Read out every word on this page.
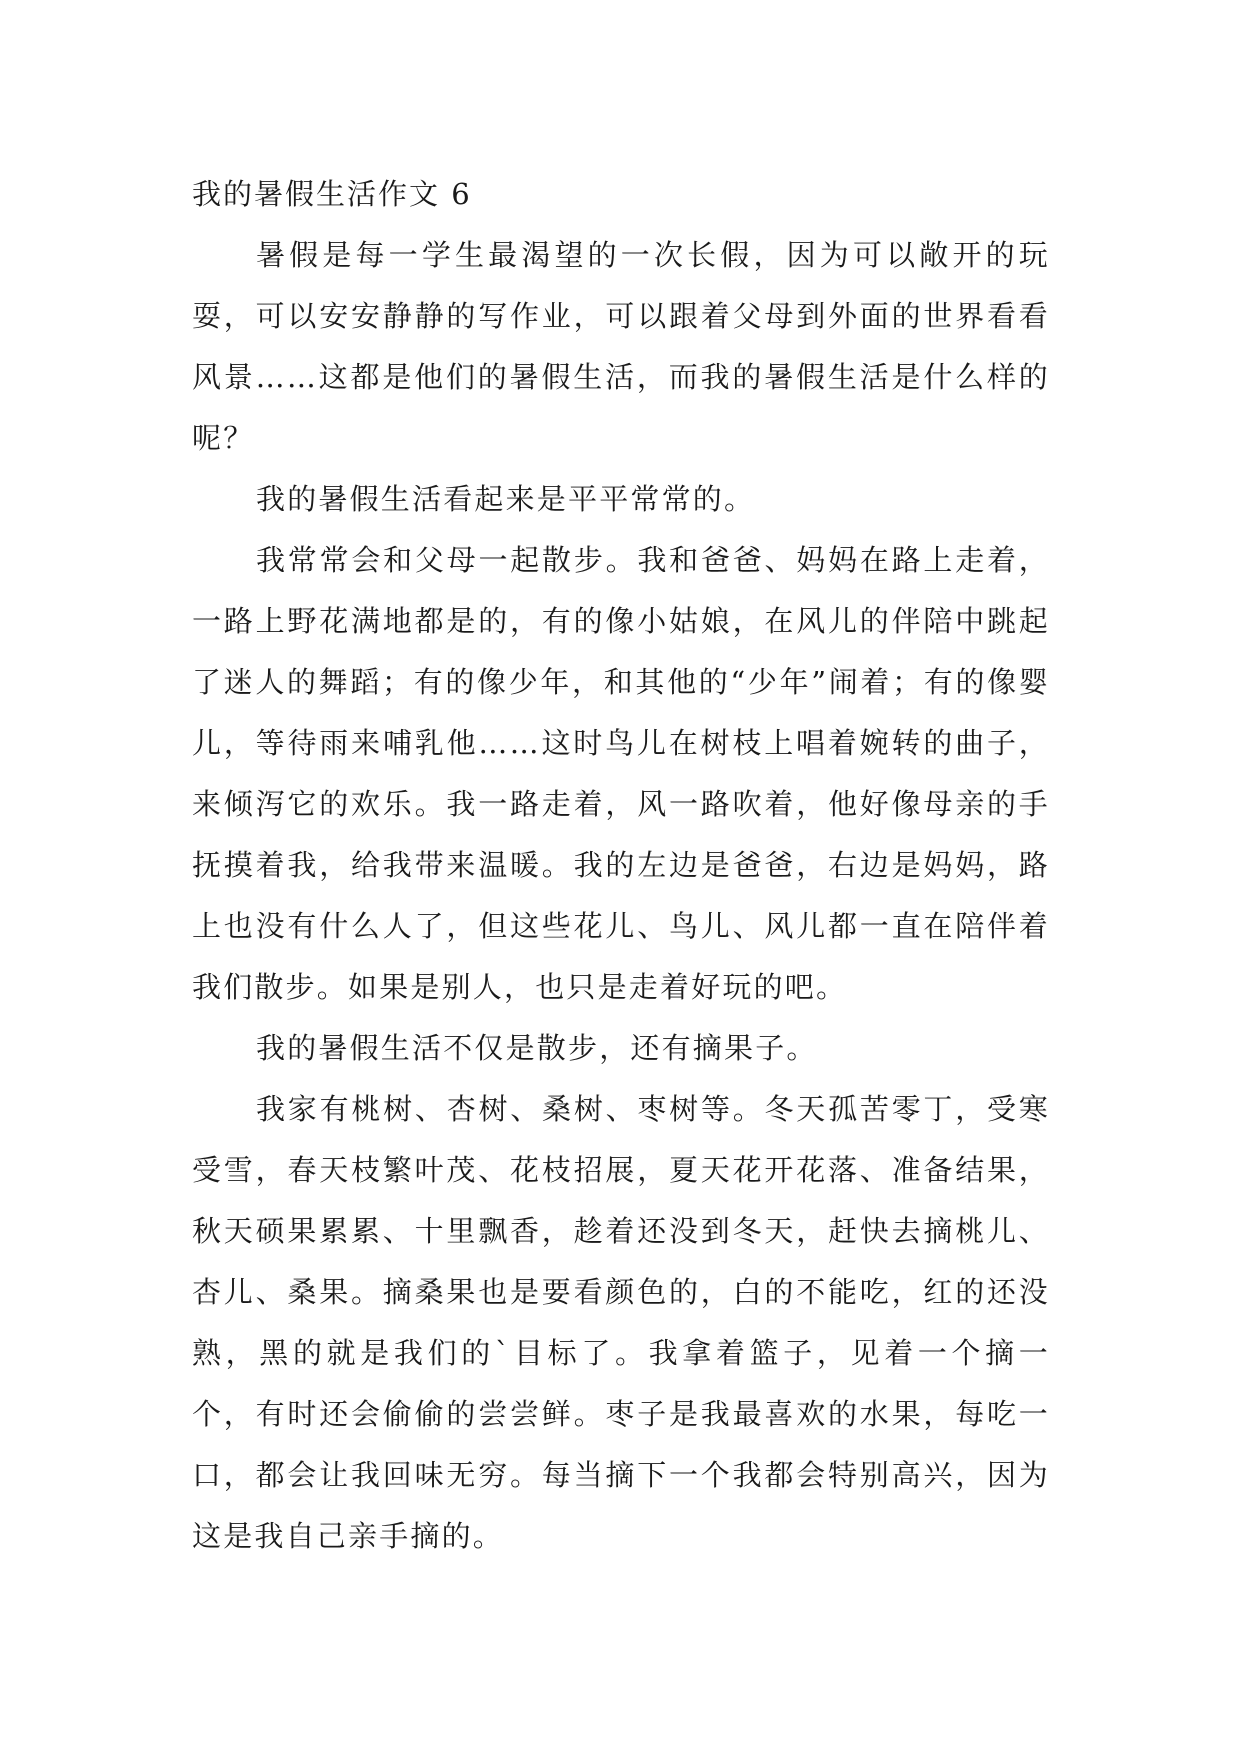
我的暑假生活作文 6

暑假是每一学生最渴望的一次长假，因为可以敞开的玩耍，可以安安静静的写作业，可以跟着父母到外面的世界看看风景……这都是他们的暑假生活，而我的暑假生活是什么样的呢？

我的暑假生活看起来是平平常常的。

我常常会和父母一起散步。我和爸爸、妈妈在路上走着，一路上野花满地都是的，有的像小姑娘，在风儿的伴陪中跳起了迷人的舞蹈；有的像少年，和其他的“少年”闹着；有的像婴儿，等待雨来哺乳他……这时鸟儿在树枝上唱着婉转的曲子，来倾泻它的欢乐。我一路走着，风一路吹着，他好像母亲的手抚摸着我，给我带来温暖。我的左边是爸爸，右边是妈妈，路上也没有什么人了，但这些花儿、鸟儿、风儿都一直在陪伴着我们散步。如果是别人，也只是走着好玩的吧。

我的暑假生活不仅是散步，还有摘果子。

我家有桃树、杏树、桑树、枣树等。冬天孤苦零丁，受寒受雪，春天枝繁叶茂、花枝招展，夏天花开花落、准备结果，秋天硕果累累、十里飘香，趁着还没到冬天，赶快去摘桃儿、杏儿、桑果。摘桑果也是要看颜色的，白的不能吃，红的还没熟，黑的就是我们的`目标了。我拿着篮子，见着一个摘一个，有时还会偷偷的尝尝鲜。枣子是我最喜欢的水果，每吃一口，都会让我回味无穷。每当摘下一个我都会特别高兴，因为这是我自己亲手摘的。
